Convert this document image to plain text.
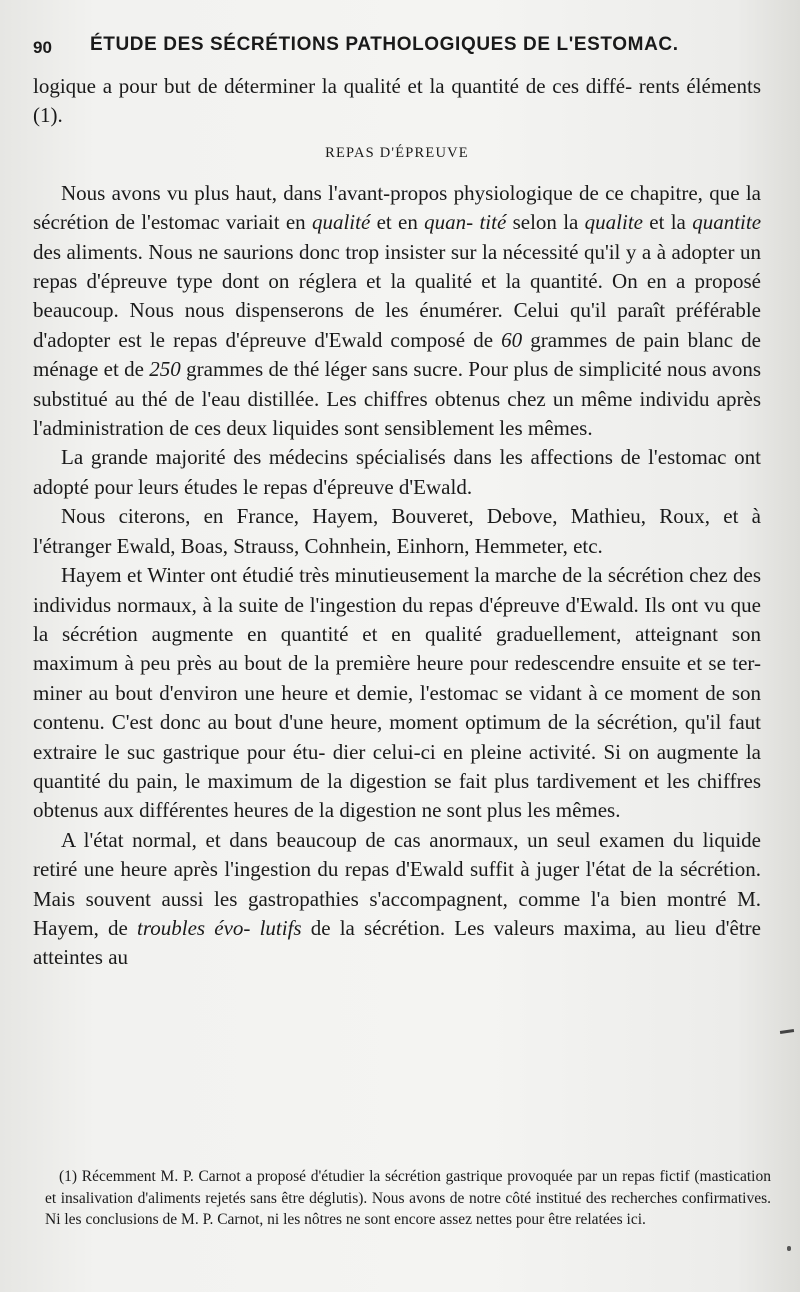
90 ÉTUDE DES SÉCRÉTIONS PATHOLOGIQUES DE L'ESTOMAC.

logique a pour but de déterminer la qualité et la quantité de ces diffé- rents éléments (1).

REPAS D'ÉPREUVE

Nous avons vu plus haut, dans l'avant-propos physiologique de ce chapitre, que la sécrétion de l'estomac variait en qualité et en quan- tité selon la qualite et la quantite des aliments. Nous ne saurions donc trop insister sur la nécessité qu'il y a à adopter un repas d'épreuve type dont on réglera et la qualité et la quantité. On en a proposé beaucoup. Nous nous dispenserons de les énumérer. Celui qu'il paraît préférable d'adopter est le repas d'épreuve d'Ewald composé de 60 grammes de pain blanc de ménage et de 250 grammes de thé léger sans sucre. Pour plus de simplicité nous avons substitué au thé de l'eau distillée. Les chiffres obtenus chez un même individu après l'administration de ces deux liquides sont sensiblement les mêmes.

La grande majorité des médecins spécialisés dans les affections de l'estomac ont adopté pour leurs études le repas d'épreuve d'Ewald.

Nous citerons, en France, Hayem, Bouveret, Debove, Mathieu, Roux, et à l'étranger Ewald, Boas, Strauss, Cohnhein, Einhorn, Hemmeter, etc.

Hayem et Winter ont étudié très minutieusement la marche de la sécrétion chez des individus normaux, à la suite de l'ingestion du repas d'épreuve d'Ewald. Ils ont vu que la sécrétion augmente en quantité et en qualité graduellement, atteignant son maximum à peu près au bout de la première heure pour redescendre ensuite et se ter- miner au bout d'environ une heure et demie, l'estomac se vidant à ce moment de son contenu. C'est donc au bout d'une heure, moment optimum de la sécrétion, qu'il faut extraire le suc gastrique pour étu- dier celui-ci en pleine activité. Si on augmente la quantité du pain, le maximum de la digestion se fait plus tardivement et les chiffres obtenus aux différentes heures de la digestion ne sont plus les mêmes.

A l'état normal, et dans beaucoup de cas anormaux, un seul examen du liquide retiré une heure après l'ingestion du repas d'Ewald suffit à juger l'état de la sécrétion. Mais souvent aussi les gastropathies s'accompagnent, comme l'a bien montré M. Hayem, de troubles évo- lutifs de la sécrétion. Les valeurs maxima, au lieu d'être atteintes au

(1) Récemment M. P. Carnot a proposé d'étudier la sécrétion gastrique provoquée par un repas fictif (mastication et insalivation d'aliments rejetés sans être déglutis). Nous avons de notre côté institué des recherches confirmatives. Ni les conclusions de M. P. Carnot, ni les nôtres ne sont encore assez nettes pour être relatées ici.
